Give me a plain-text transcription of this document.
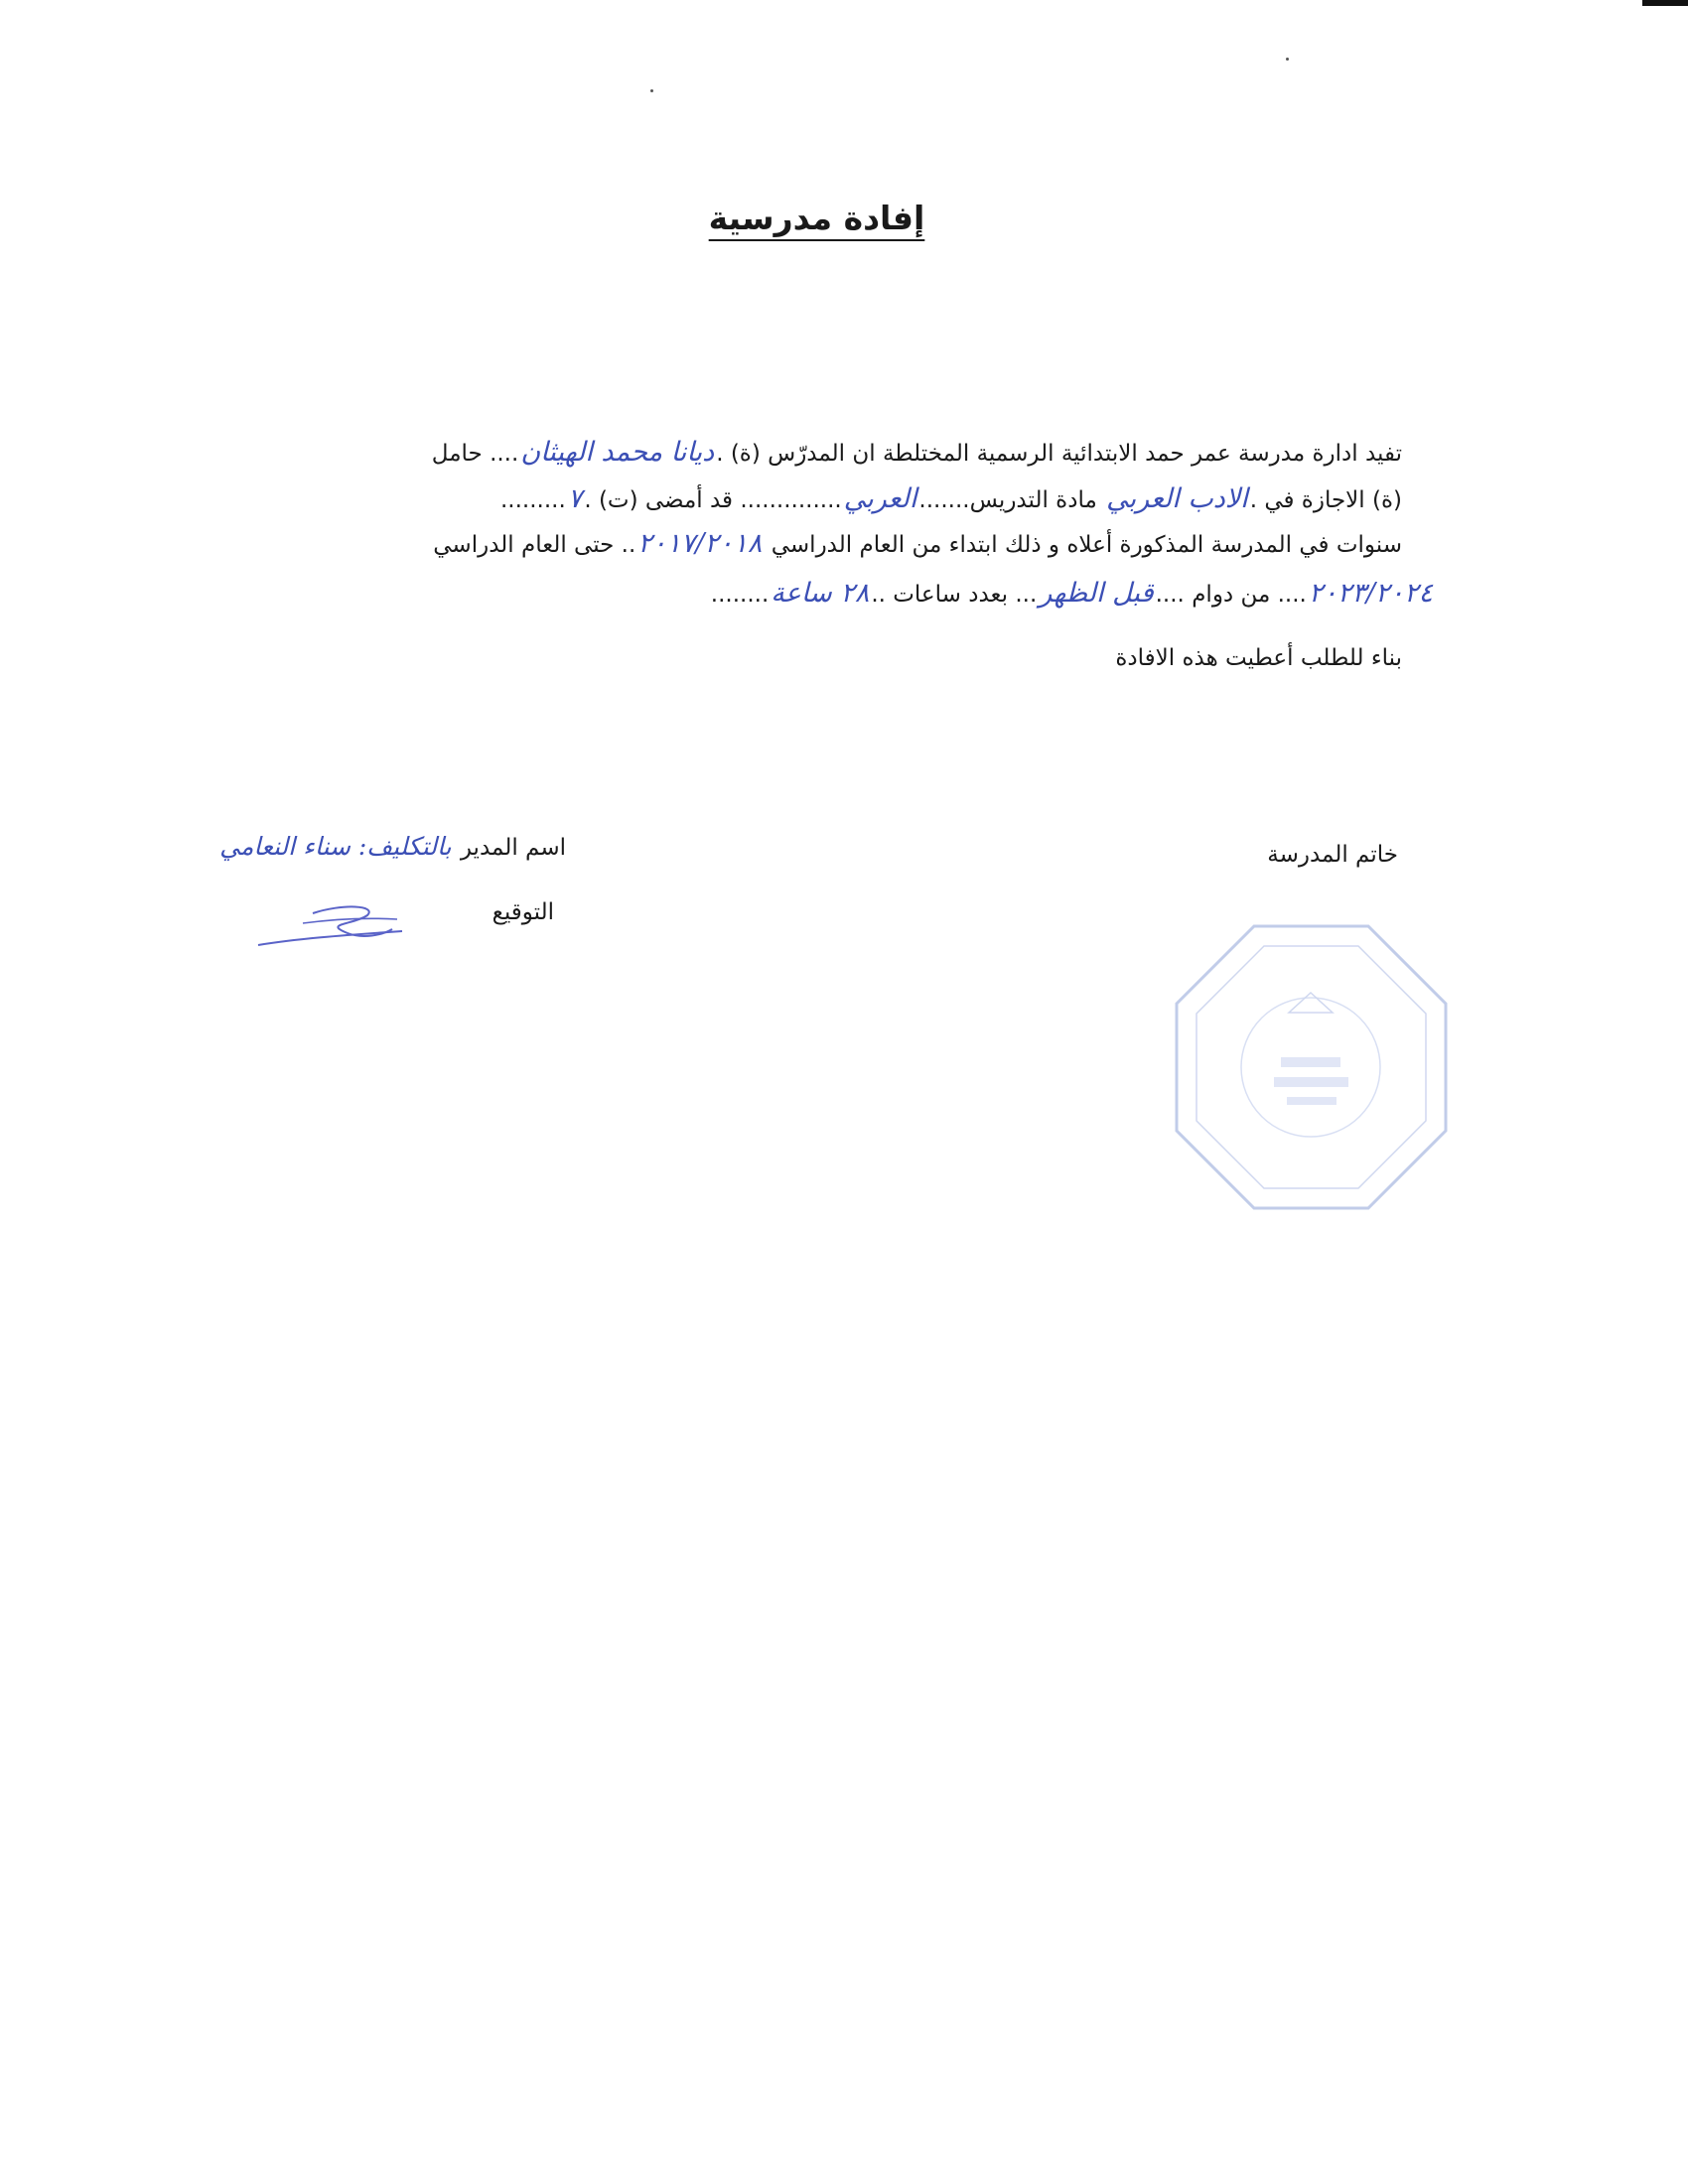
إفادة مدرسية
تفيد ادارة مدرسة عمر حمد الابتدائية الرسمية المختلطة ان المدرّس (ة) .ديانا محمد الهيثان.... حامل
(ة) الاجازة في .الادب العربي مادة التدريس.......العربي.............. قد أمضى (ت) .٧.........
سنوات في المدرسة المذكورة أعلاه و ذلك ابتداء من العام الدراسي ٢٠١٧/٢٠١٨.. حتى العام الدراسي
٢٠٢٣/٢٠٢٤.... من دوام ....قبل الظهر... بعدد ساعات ..٢٨ ساعة........
بناء للطلب أعطيت هذه الافادة
خاتم المدرسة
اسم المدير بالتكليف: سناء النعامي
التوقيع
